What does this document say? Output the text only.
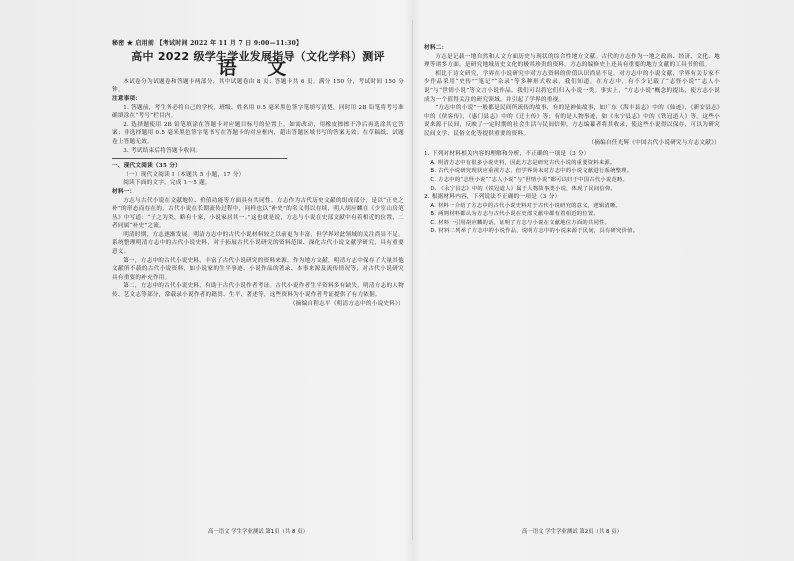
秘密 ★ 启用前 【考试时间 2022 年 11 月 7 日 9:00—11:30】
高中 2022 级学生学业发展指导（文化学科）测评
语 文

本试卷分为试题卷和答题卡两部分，其中试题卷由 8 页；答题卡共 6 页。满分 150 分，考试时间 150 分钟。

注意事项：

1. 答题前，考生务必将自己的学校、班级、姓名用 0.5 毫米黑色签字笔填写清楚，同时用 2B 铅笔将考号准确填涂在“考号”栏目内。

2. 选择题使用 2B 铅笔填涂在答题卡对应题目标号的位置上，如需改动，用橡皮擦擦干净后再选涂其它答案；非选择题用 0.5 毫米黑色签字笔书写在答题卡的对应框内，超出答题区域书写的答案无效；在草稿纸、试题卷上答题无效。

3. 考试结束后将答题卡收回。

一、现代文阅读（35 分）

（一）现代文阅读 I（本题共 5 小题，17 分）

阅读下面的文字，完成 1～5 题。

材料一：

方志与古代小说在文献地位、价值功能等方面具有共同性。方志作为古代历史文献的组成部分，是以“正史之补”的形态而存在的，古代小说在长期流传过程中，同样也以“补史”的名义得以存续，明人胡应麟在《少室山房笔丛》中写道：“子之为类，略有十家，小说家居其一。”这也就是说，方志与小说在史部文献中有着相近的位置，二者同属“补史”之流。

明清时期，方志逐渐发展。明清方志中的古代小说材料较之以前更为丰富，但学界对此领域的关注尚显不足。系统整理明清方志中的古代小说史料，对于拓展古代小说研究的资料范围、深化古代小说文献学研究，具有重要意义。

第一，方志中的古代小说史料，丰富了古代小说研究的资料来源。作为地方文献，明清方志中保存了大量其他文献所不载的古代小说资料，如小说家的生平事迹、小说作品的著录、本事来源及流传情况等，对古代小说研究具有重要的补充作用。

第二，方志中的古代小说史料，有助于古代小说作者考证。古代小说作者生平资料多有缺失，明清方志的人物传、艺文志等部分，常载录小说作者的籍贯、生平、著述等，这些资料为小说作者考证提供了有力依据。

（摘编自程志平《明清方志中的小说史料》）

高一语文 学生学业测试 第1页（共 8 页）

材料二：

方志是记载一地自然和人文方面历史与现状的综合性地方文献。古代的方志作为一地之政治、经济、文化、地理等诸多方面，是研究地域历史文化的极其珍贵的资料。方志的编修史上还具有重要的地方文献的工具书价值。

相比于诗文研究，学界在小说研究中对方志资料的价值认识尚显不足。对方志中的小说文献，学界有关专家不少作品采用“史传”“笔记”“杂录”等多种形式收录，我们知道，在方志中，有不少记载了“志怪小说”“志人小说”与“世情小说”等文言小说作品。我们可以将它们归入小说一类。事实上，“方志小说”概念的提出，使方志小说成为一个值得关注的研究领域，并引起了学界的重视。

“方志中的小说”一般都是民间所流传的故事，有的是神仙故事，如广东《海丰县志》中的《仙迹》，《新安县志》中的《侠客传》，《惠门县志》中的《迁士传》等；有的是人物事迹，如《永宁县志》中的《铁冠道人》等。这些小说来源于民间，反映了一定时期的社会生活与民间信仰，方志编纂者将其收录，使这些小说得以保存，可以为研究民间文学、民俗文化等提供重要的资料。

（摘编自任光辉《中国古代小说研究与方志文献》）

1. 下列对材料相关内容的理解和分析，不正确的一项是（3 分）

A. 明清方志中有很多小说史料，因此方志是研究古代小说的重要资料来源。

B. 古代小说研究现状应重视方志，但学界尚未对方志中的小说文献进行系统整理。

C. 方志中的“志怪小说”“志人小说”与“世情小说”都可以归于中国古代小说范畴。

D. 《永宁县志》中的《铁冠道人》属于人物故事类小说，体现了民间信仰。

2. 根据材料内容，下列说法不正确的一项是（3 分）

A. 材料一介绍了方志中的古代小说史料对于古代小说研究的意义，逻辑清晰。

B. 两则材料都认为方志与古代小说在史部文献中都有着相近的位置。

C. 材料一引用胡应麟的话，证明了方志与小说在文献地位方面的共同性。

D. 材料二列举了方志中的小说作品，说明方志中的小说来源于民间，具有研究价值。

高一语文 学生学业测试 第2页（共 8 页）
